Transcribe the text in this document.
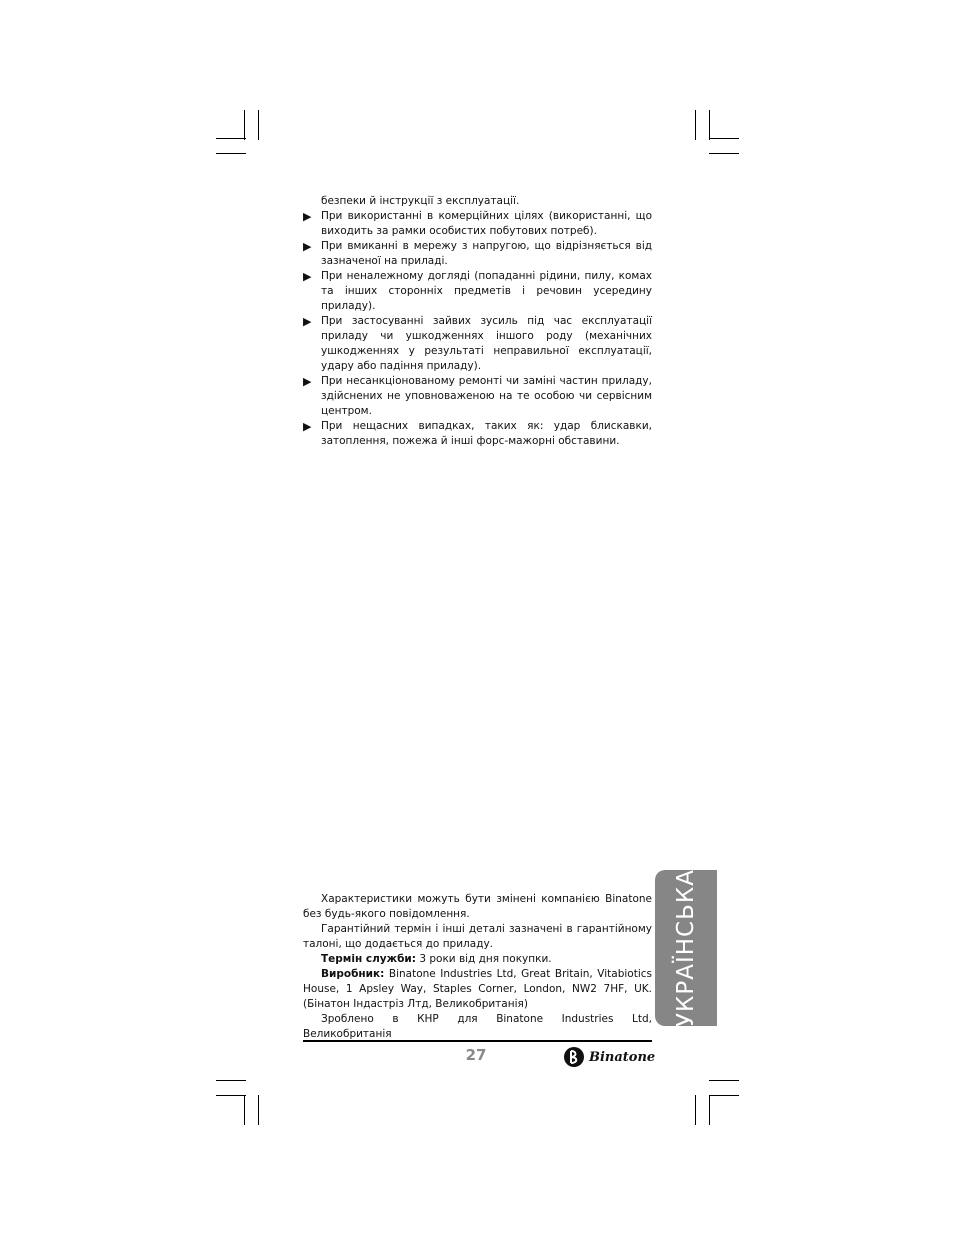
безпеки й інструкції з експлуатації.

▶ При використанні в комерційних цілях (використанні, що виходить за рамки особистих побутових потреб).

▶ При вмиканні в мережу з напругою, що відрізняється від зазначеної на приладі.

▶ При неналежному догляді (попаданні рідини, пилу, комах та інших сторонніх предметів і речовин усередину приладу).

▶ При застосуванні зайвих зусиль під час експлуатації приладу чи ушкодженнях іншого роду (механічних ушкодженнях у результаті неправильної експлуатації, удару або падіння приладу).

▶ При несанкціонованому ремонті чи заміні частин приладу, здійснених не уповноваженою на те особою чи сервісним центром.

▶ При нещасних випадках, таких як: удар блискавки, затоплення, пожежа й інші форс-мажорні обставини.

Характеристики можуть бути змінені компанією Binatone без будь-якого повідомлення.

Гарантійний термін і інші деталі зазначені в гарантійному талоні, що додається до приладу.

Термін служби: 3 роки від дня покупки.

Виробник: Binatone Industries Ltd, Great Britain, Vitabiotics House, 1 Apsley Way, Staples Corner, London, NW2 7HF, UK. (Бінатон Індастріз Лтд, Великобританія)

Зроблено в КНР для Binatone Industries Ltd, Великобританія

27	Binatone
УКРАЇНСЬКА
